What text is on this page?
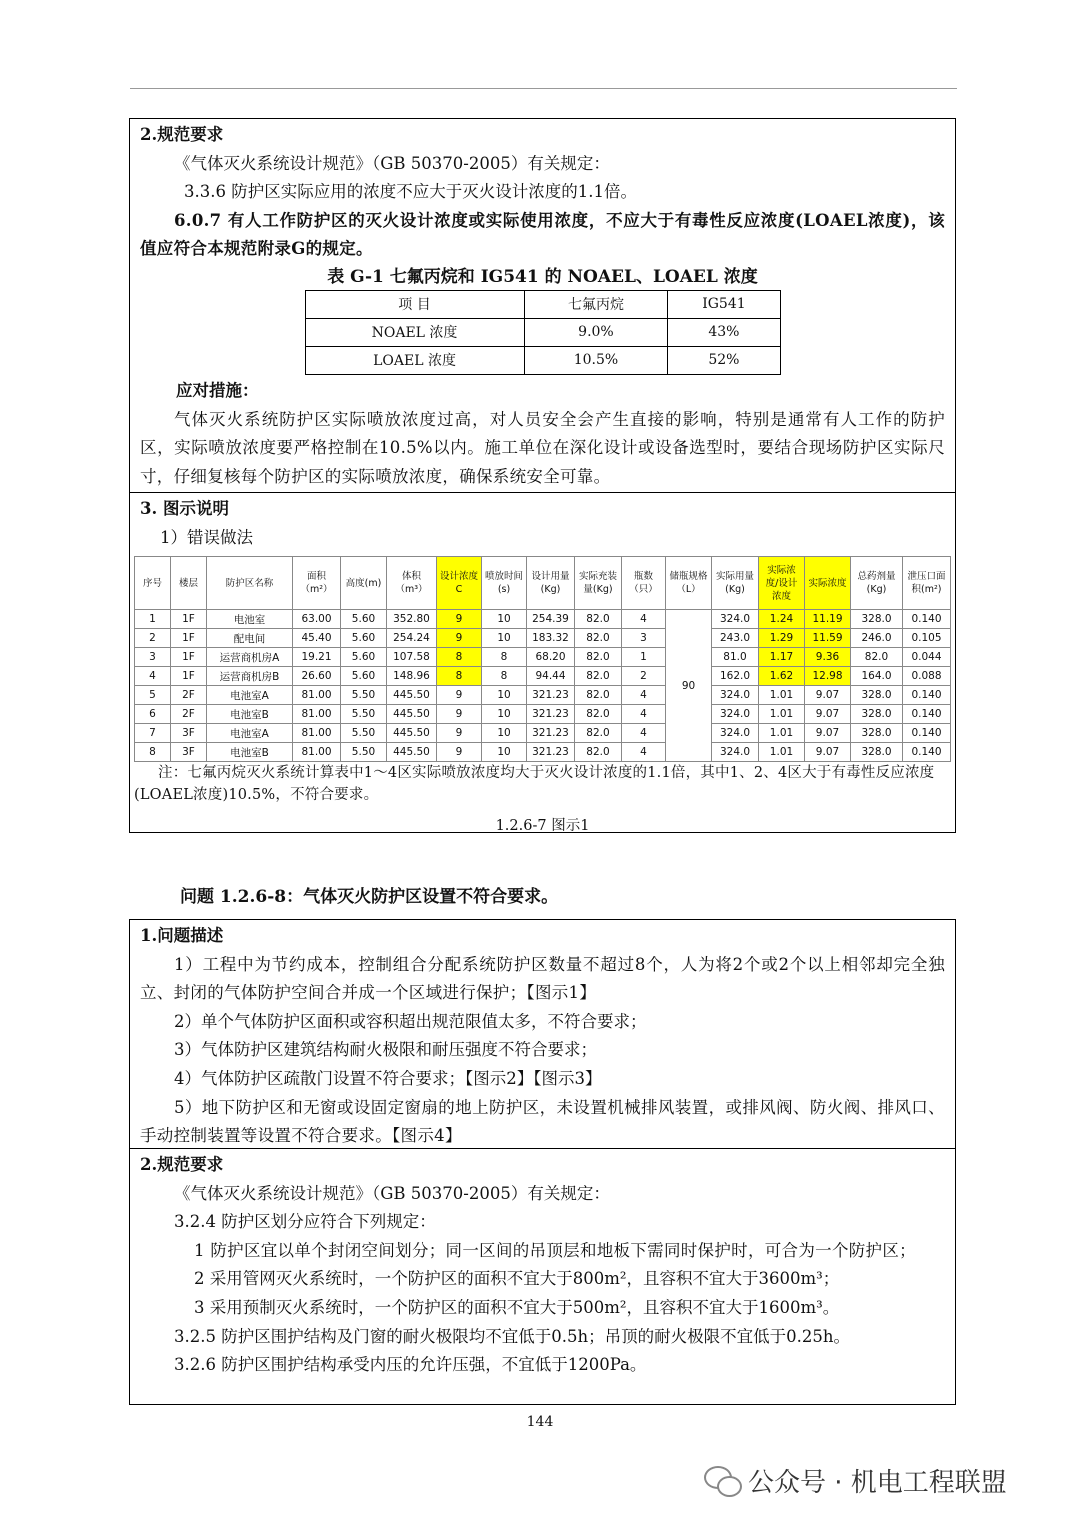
2.规范要求
《气体灭火系统设计规范》（GB 50370-2005）有关规定：
3.3.6 防护区实际应用的浓度不应大于灭火设计浓度的1.1倍。
6.0.7 有人工作防护区的灭火设计浓度或实际使用浓度，不应大于有毒性反应浓度(LOAEL浓度)，该值应符合本规范附录G的规定。
表 G-1 七氟丙烷和 IG541 的 NOAEL、LOAEL 浓度
项 目	七氟丙烷	IG541
NOAEL 浓度	9.0%	43%
LOAEL 浓度	10.5%	52%
应对措施：
气体灭火系统防护区实际喷放浓度过高，对人员安全会产生直接的影响，特别是通常有人工作的防护区，实际喷放浓度要严格控制在10.5%以内。施工单位在深化设计或设备选型时，要结合现场防护区实际尺寸，仔细复核每个防护区的实际喷放浓度，确保系统安全可靠。
3. 图示说明
1）错误做法
序号	楼层	防护区名称	面积（m²）	高度(m)	体积（m³）	设计浓度C	喷放时间(s)	设计用量(Kg)	实际充装量(Kg)	瓶数（只）	储瓶规格（L）	实际用量(Kg)	实际浓度/设计浓度	实际浓度	总药剂量(Kg)	泄压口面积(m²)
1	1F	电池室	63.00	5.60	352.80	9	10	254.39	82.0	4	90	324.0	1.24	11.19	328.0	0.140
2	1F	配电间	45.40	5.60	254.24	9	10	183.32	82.0	3		243.0	1.29	11.59	246.0	0.105
3	1F	运营商机房A	19.21	5.60	107.58	8	8	68.20	82.0	1		81.0	1.17	9.36	82.0	0.044
4	1F	运营商机房B	26.60	5.60	148.96	8	8	94.44	82.0	2		162.0	1.62	12.98	164.0	0.088
5	2F	电池室A	81.00	5.50	445.50	9	10	321.23	82.0	4		324.0	1.01	9.07	328.0	0.140
6	2F	电池室B	81.00	5.50	445.50	9	10	321.23	82.0	4		324.0	1.01	9.07	328.0	0.140
7	3F	电池室A	81.00	5.50	445.50	9	10	321.23	82.0	4		324.0	1.01	9.07	328.0	0.140
8	3F	电池室B	81.00	5.50	445.50	9	10	321.23	82.0	4		324.0	1.01	9.07	328.0	0.140
注：七氟丙烷灭火系统计算表中1～4区实际喷放浓度均大于灭火设计浓度的1.1倍，其中1、2、4区大于有毒性反应浓度(LOAEL浓度)10.5%，不符合要求。
1.2.6-7 图示1
问题 1.2.6-8：气体灭火防护区设置不符合要求。
1.问题描述
1）工程中为节约成本，控制组合分配系统防护区数量不超过8个，人为将2个或2个以上相邻却完全独立、封闭的气体防护空间合并成一个区域进行保护；【图示1】
2）单个气体防护区面积或容积超出规范限值太多，不符合要求；
3）气体防护区建筑结构耐火极限和耐压强度不符合要求；
4）气体防护区疏散门设置不符合要求；【图示2】【图示3】
5）地下防护区和无窗或设固定窗扇的地上防护区，未设置机械排风装置，或排风阀、防火阀、排风口、手动控制装置等设置不符合要求。【图示4】
2.规范要求
《气体灭火系统设计规范》（GB 50370-2005）有关规定：
3.2.4 防护区划分应符合下列规定：
1 防护区宜以单个封闭空间划分；同一区间的吊顶层和地板下需同时保护时，可合为一个防护区；
2 采用管网灭火系统时，一个防护区的面积不宜大于800m²，且容积不宜大于3600m³；
3 采用预制灭火系统时，一个防护区的面积不宜大于500m²，且容积不宜大于1600m³。
3.2.5 防护区围护结构及门窗的耐火极限均不宜低于0.5h；吊顶的耐火极限不宜低于0.25h。
3.2.6 防护区围护结构承受内压的允许压强，不宜低于1200Pa。
144
公众号 · 机电工程联盟
